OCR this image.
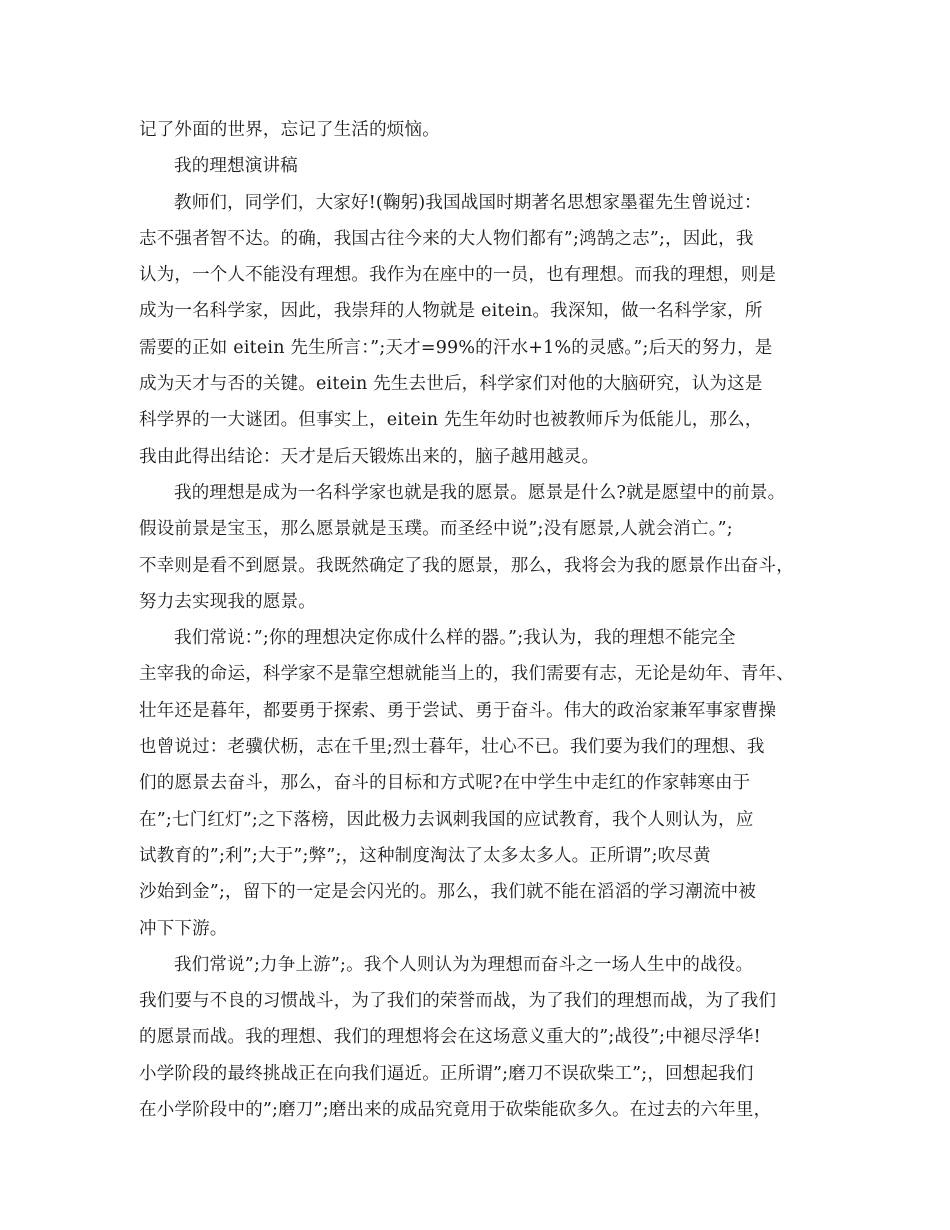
记了外面的世界，忘记了生活的烦恼。
我的理想演讲稿
教师们，同学们，大家好!(鞠躬)我国战国时期著名思想家墨翟先生曾说过：
志不强者智不达。的确，我国古往今来的大人物们都有”;鸿鹄之志”;，因此，我
认为，一个人不能没有理想。我作为在座中的一员，也有理想。而我的理想，则是
成为一名科学家，因此，我崇拜的人物就是 eitein。我深知，做一名科学家，所
需要的正如 eitein 先生所言：”;天才=99%的汗水+1%的灵感。”;后天的努力，是
成为天才与否的关键。eitein 先生去世后，科学家们对他的大脑研究，认为这是
科学界的一大谜团。但事实上，eitein 先生年幼时也被教师斥为低能儿，那么，
我由此得出结论：天才是后天锻炼出来的，脑子越用越灵。
我的理想是成为一名科学家也就是我的愿景。愿景是什么?就是愿望中的前景。
假设前景是宝玉，那么愿景就是玉璞。而圣经中说”;没有愿景,人就会消亡。”;
不幸则是看不到愿景。我既然确定了我的愿景，那么，我将会为我的愿景作出奋斗，
努力去实现我的愿景。
我们常说：”;你的理想决定你成什么样的器。”;我认为，我的理想不能完全
主宰我的命运，科学家不是靠空想就能当上的，我们需要有志，无论是幼年、青年、
壮年还是暮年，都要勇于探索、勇于尝试、勇于奋斗。伟大的政治家兼军事家曹操
也曾说过：老骥伏枥，志在千里;烈士暮年，壮心不已。我们要为我们的理想、我
们的愿景去奋斗，那么，奋斗的目标和方式呢?在中学生中走红的作家韩寒由于
在”;七门红灯”;之下落榜，因此极力去讽刺我国的应试教育，我个人则认为，应
试教育的”;利”;大于”;弊”;，这种制度淘汰了太多太多人。正所谓”;吹尽黄
沙始到金”;，留下的一定是会闪光的。那么，我们就不能在滔滔的学习潮流中被
冲下下游。
我们常说”;力争上游”;。我个人则认为为理想而奋斗之一场人生中的战役。
我们要与不良的习惯战斗，为了我们的荣誉而战，为了我们的理想而战，为了我们
的愿景而战。我的理想、我们的理想将会在这场意义重大的”;战役”;中褪尽浮华!
小学阶段的最终挑战正在向我们逼近。正所谓”;磨刀不误砍柴工”;，回想起我们
在小学阶段中的”;磨刀”;磨出来的成品究竟用于砍柴能砍多久。在过去的六年里，
